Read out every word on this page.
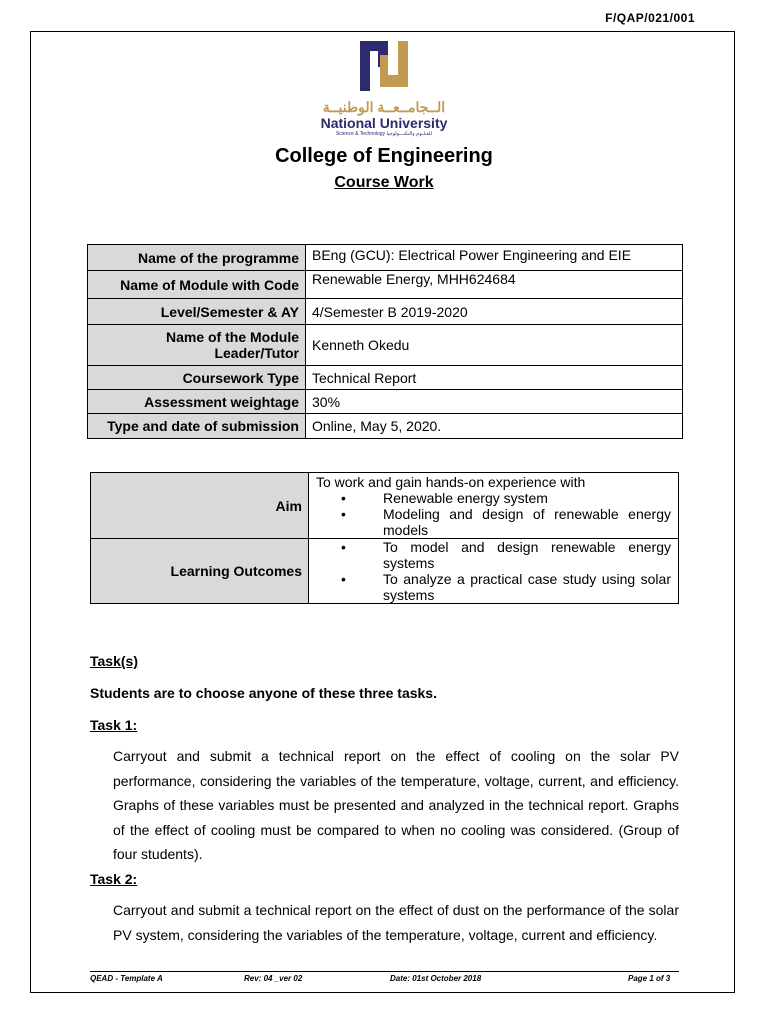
F/QAP/021/001
الــجامــعــة الوطنيــة
National University
Science & Technology للعـلـوم والتكنـــولوجيا
College of Engineering
Course Work
Name of the programme	BEng (GCU): Electrical Power Engineering and EIE
Name of Module with Code	Renewable Energy, MHH624684
Level/Semester & AY	4/Semester B 2019-2020
Name of the Module Leader/Tutor	Kenneth Okedu
Coursework Type	Technical Report
Assessment weightage	30%
Type and date of submission	Online, May 5, 2020.
Aim	To work and gain hands-on experience with
• Renewable energy system
• Modeling and design of renewable energy models

Learning Outcomes	• To model and design renewable energy systems
• To analyze a practical case study using solar systems
Task(s)
Students are to choose anyone of these three tasks.
Task 1:

Carryout and submit a technical report on the effect of cooling on the solar PV performance, considering the variables of the temperature, voltage, current, and efficiency. Graphs of these variables must be presented and analyzed in the technical report. Graphs of the effect of cooling must be compared to when no cooling was considered. (Group of four students).

Task 2:

Carryout and submit a technical report on the effect of dust on the performance of the solar PV system, considering the variables of the temperature, voltage, current and efficiency.

QEAD - Template A	Rev: 04 _ver 02	Date: 01st October 2018	Page 1 of 3
